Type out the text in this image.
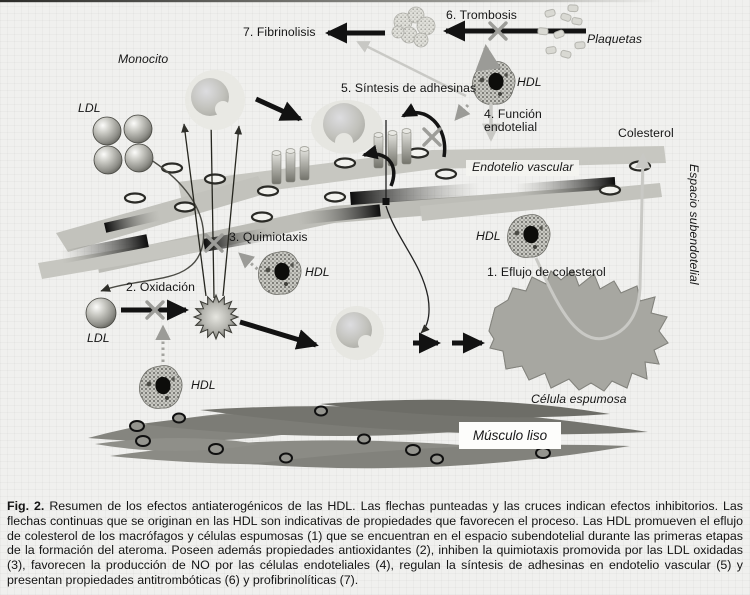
7. Fibrinolisis
6. Trombosis
Plaquetas
Monocito
LDL
HDL
5. Síntesis de adhesinas
4. Función endotelial	Colesterol
Endotelio vascular	Espacio subendotelial
3. Quimiotaxis
HDL
2. Oxidación
LDL
HDL
HDL
1. Eflujo de colesterol
Célula espumosa
Músculo liso
Fig. 2. Resumen de los efectos antiaterogénicos de las HDL. Las flechas punteadas y las cruces indican efectos inhibitorios. Las flechas continuas que se originan en las HDL son indicativas de propiedades que favorecen el proceso. Las HDL promueven el eflujo de colesterol de los macrófagos y células espumosas (1) que se encuentran en el espacio subendotelial durante las primeras etapas de la formación del ateroma. Poseen además propiedades antioxidantes (2), inhiben la quimiotaxis promovida por las LDL oxidadas (3), favorecen la producción de NO por las células endoteliales (4), regulan la síntesis de adhesinas en endotelio vascular (5) y presentan propiedades antitrombóticas (6) y profibrinolíticas (7).
